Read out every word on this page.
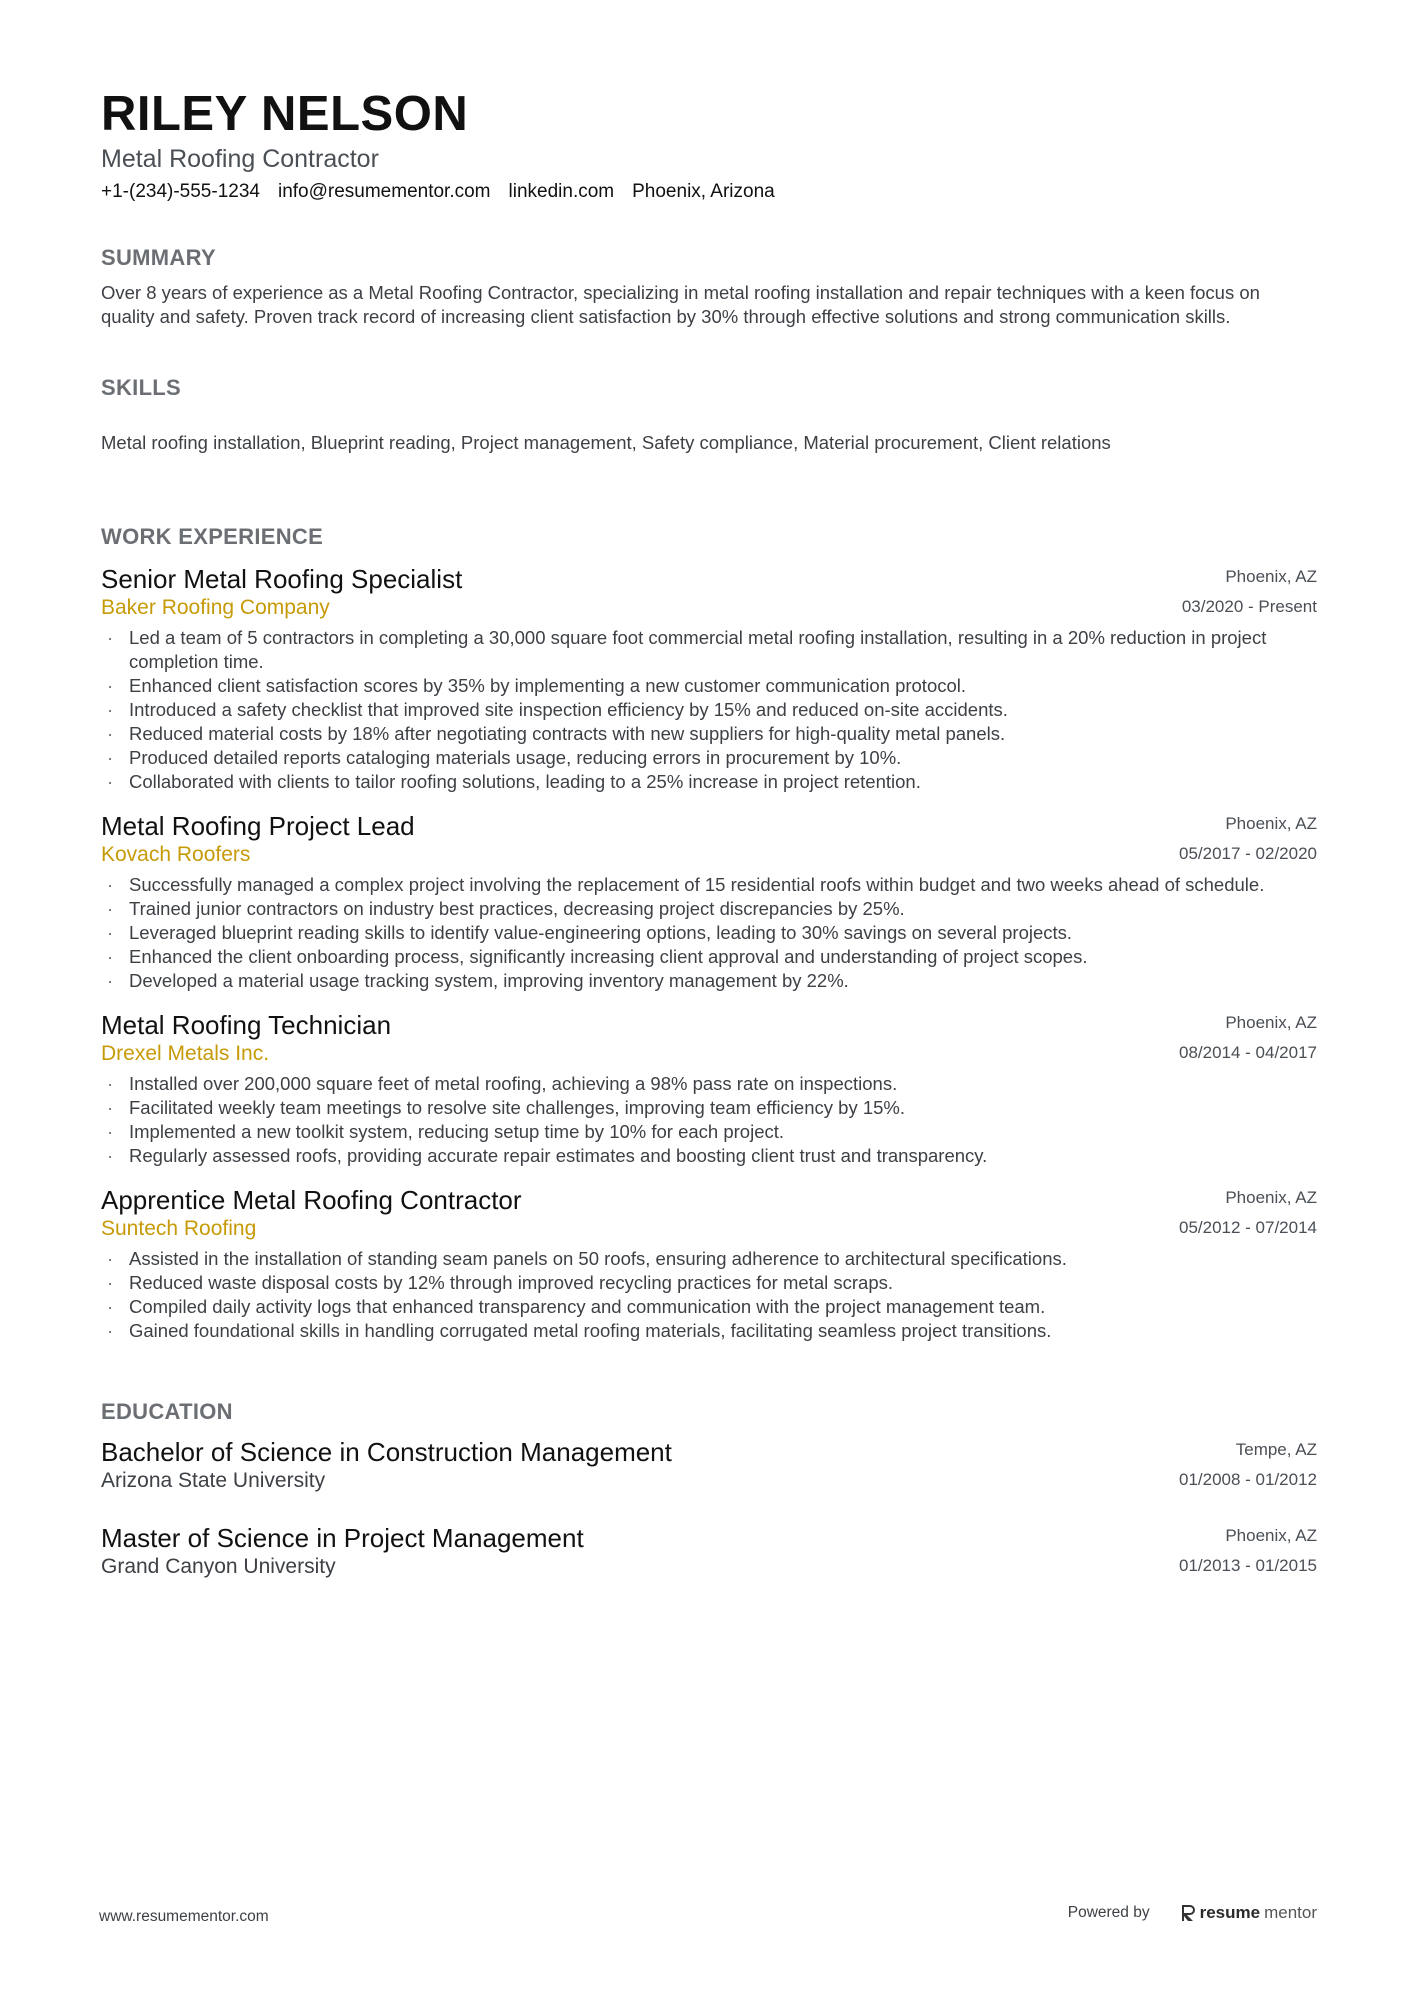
RILEY NELSON
Metal Roofing Contractor
+1-(234)-555-1234 info@resumementor.com linkedin.com Phoenix, Arizona
SUMMARY
Over 8 years of experience as a Metal Roofing Contractor, specializing in metal roofing installation and repair techniques with a keen focus on quality and safety. Proven track record of increasing client satisfaction by 30% through effective solutions and strong communication skills.
SKILLS
Metal roofing installation, Blueprint reading, Project management, Safety compliance, Material procurement, Client relations
WORK EXPERIENCE
Senior Metal Roofing Specialist
Baker Roofing Company
Phoenix, AZ
03/2020 - Present
· Led a team of 5 contractors in completing a 30,000 square foot commercial metal roofing installation, resulting in a 20% reduction in project completion time.
· Enhanced client satisfaction scores by 35% by implementing a new customer communication protocol.
· Introduced a safety checklist that improved site inspection efficiency by 15% and reduced on-site accidents.
· Reduced material costs by 18% after negotiating contracts with new suppliers for high-quality metal panels.
· Produced detailed reports cataloging materials usage, reducing errors in procurement by 10%.
· Collaborated with clients to tailor roofing solutions, leading to a 25% increase in project retention.
Metal Roofing Project Lead
Kovach Roofers
Phoenix, AZ
05/2017 - 02/2020
· Successfully managed a complex project involving the replacement of 15 residential roofs within budget and two weeks ahead of schedule.
· Trained junior contractors on industry best practices, decreasing project discrepancies by 25%.
· Leveraged blueprint reading skills to identify value-engineering options, leading to 30% savings on several projects.
· Enhanced the client onboarding process, significantly increasing client approval and understanding of project scopes.
· Developed a material usage tracking system, improving inventory management by 22%.
Metal Roofing Technician
Drexel Metals Inc.
Phoenix, AZ
08/2014 - 04/2017
· Installed over 200,000 square feet of metal roofing, achieving a 98% pass rate on inspections.
· Facilitated weekly team meetings to resolve site challenges, improving team efficiency by 15%.
· Implemented a new toolkit system, reducing setup time by 10% for each project.
· Regularly assessed roofs, providing accurate repair estimates and boosting client trust and transparency.
Apprentice Metal Roofing Contractor
Suntech Roofing
Phoenix, AZ
05/2012 - 07/2014
· Assisted in the installation of standing seam panels on 50 roofs, ensuring adherence to architectural specifications.
· Reduced waste disposal costs by 12% through improved recycling practices for metal scraps.
· Compiled daily activity logs that enhanced transparency and communication with the project management team.
· Gained foundational skills in handling corrugated metal roofing materials, facilitating seamless project transitions.
EDUCATION
Bachelor of Science in Construction Management
Arizona State University
Tempe, AZ
01/2008 - 01/2012
Master of Science in Project Management
Grand Canyon University
Phoenix, AZ
01/2013 - 01/2015
www.resumementor.com	Powered by	resume mentor
